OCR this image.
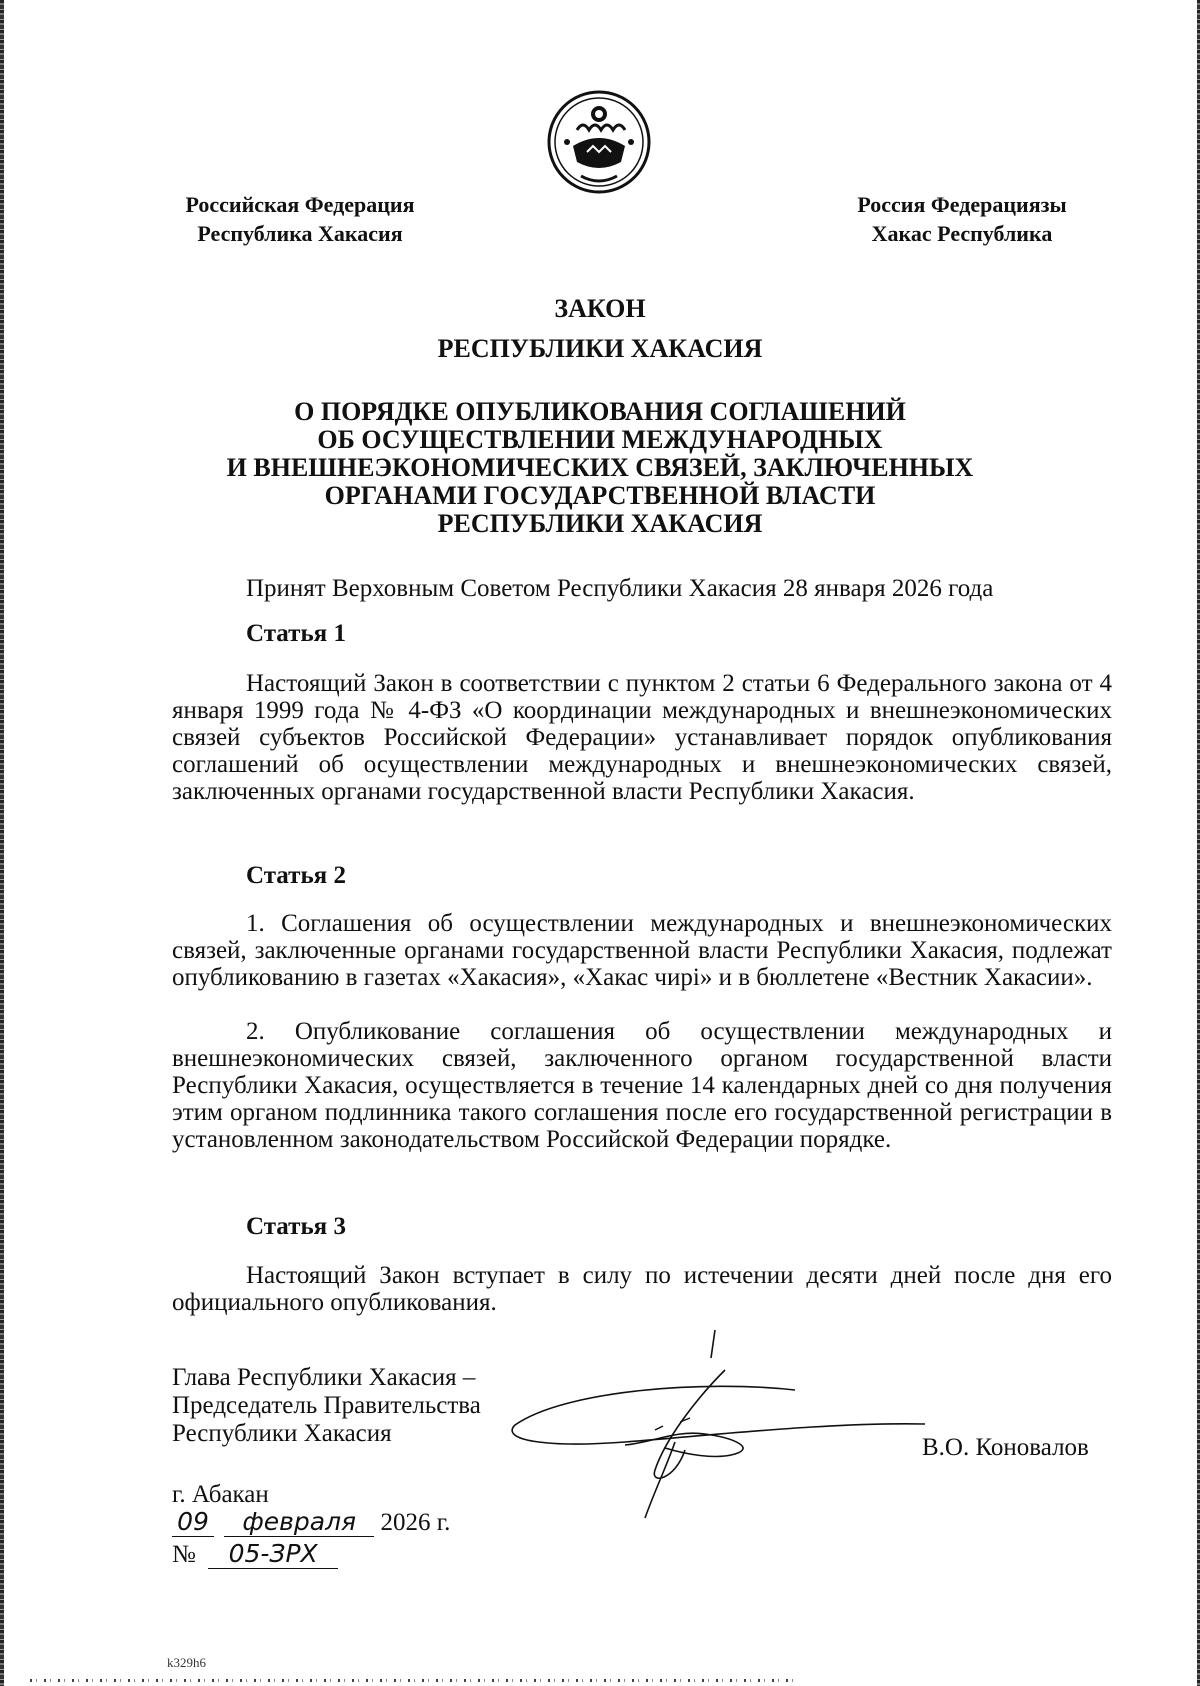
Российская Федерация
Республика Хакасия
Россия Федерациязы
Хакас Республика
ЗАКОН
РЕСПУБЛИКИ ХАКАСИЯ
О ПОРЯДКЕ ОПУБЛИКОВАНИЯ СОГЛАШЕНИЙ
ОБ ОСУЩЕСТВЛЕНИИ МЕЖДУНАРОДНЫХ
И ВНЕШНЕЭКОНОМИЧЕСКИХ СВЯЗЕЙ, ЗАКЛЮЧЕННЫХ
ОРГАНАМИ ГОСУДАРСТВЕННОЙ ВЛАСТИ
РЕСПУБЛИКИ ХАКАСИЯ
Принят Верховным Советом Республики Хакасия 28 января 2026 года
Статья 1
Настоящий Закон в соответствии с пунктом 2 статьи 6 Федерального закона от 4 января 1999 года № 4-ФЗ «О координации международных и внешнеэкономических связей субъектов Российской Федерации» устанавливает порядок опубликования соглашений об осуществлении международных и внешнеэкономических связей, заключенных органами государственной власти Республики Хакасия.
Статья 2
1. Соглашения об осуществлении международных и внешнеэкономических связей, заключенные органами государственной власти Республики Хакасия, подлежат опубликованию в газетах «Хакасия», «Хакас чирi» и в бюллетене «Вестник Хакасии».
2. Опубликование соглашения об осуществлении международных и внешнеэкономических связей, заключенного органом государственной власти Республики Хакасия, осуществляется в течение 14 календарных дней со дня получения этим органом подлинника такого соглашения после его государственной регистрации в установленном законодательством Российской Федерации порядке.
Статья 3
Настоящий Закон вступает в силу по истечении десяти дней после дня его официального опубликования.
Глава Республики Хакасия –
Председатель Правительства
Республики Хакасия
В.О. Коновалов
г. Абакан
09 февраля 2026 г.
№ 05-ЗРХ
k329h6
